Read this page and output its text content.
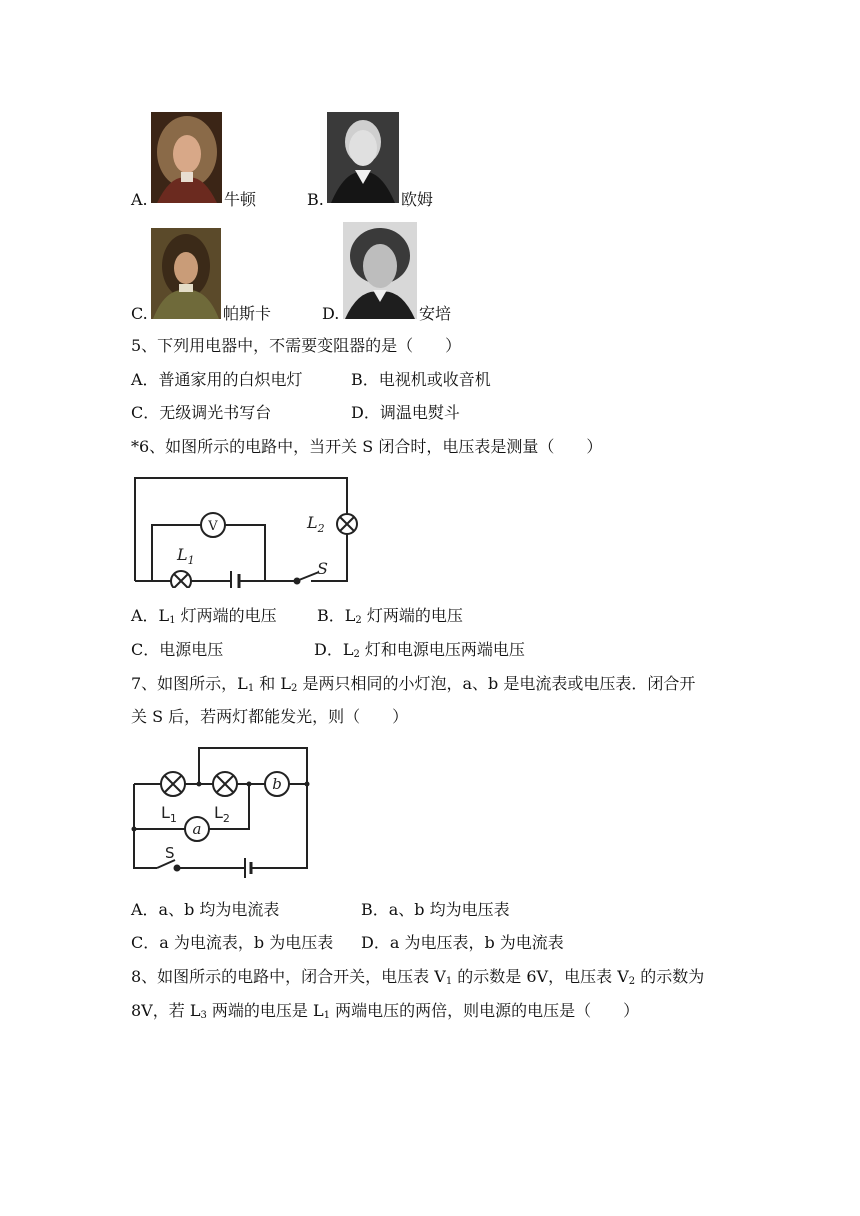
A.	牛顿	B.	欧姆
C.	帕斯卡	D.	安培
5、下列用电器中，不需要变阻器的是（　　）
A．普通家用的白炽电灯	B．电视机或收音机
C．无级调光书写台	D．调温电熨斗
*6、如图所示的电路中，当开关 S 闭合时，电压表是测量（　　）
V
$L_1$
$L_2$
S
A．$L_1$ 灯两端的电压	B．$L_2$ 灯两端的电压
C．电源电压	D．$L_2$ 灯和电源电压两端电压
7、如图所示，$L_1$ 和 $L_2$ 是两只相同的小灯泡，a、b 是电流表或电压表．闭合开
关 S 后，若两灯都能发光，则（　　）
b
a
$L_1$ $L_2$
S
A．a、b 均为电流表	B．a、b 均为电压表
C．a 为电流表，b 为电压表 D．a 为电压表，b 为电流表
8、如图所示的电路中，闭合开关，电压表 $V_1$ 的示数是 6V，电压表 $V_2$ 的示数为
8V，若 $L_3$ 两端的电压是 $L_1$ 两端电压的两倍，则电源的电压是（　　）
